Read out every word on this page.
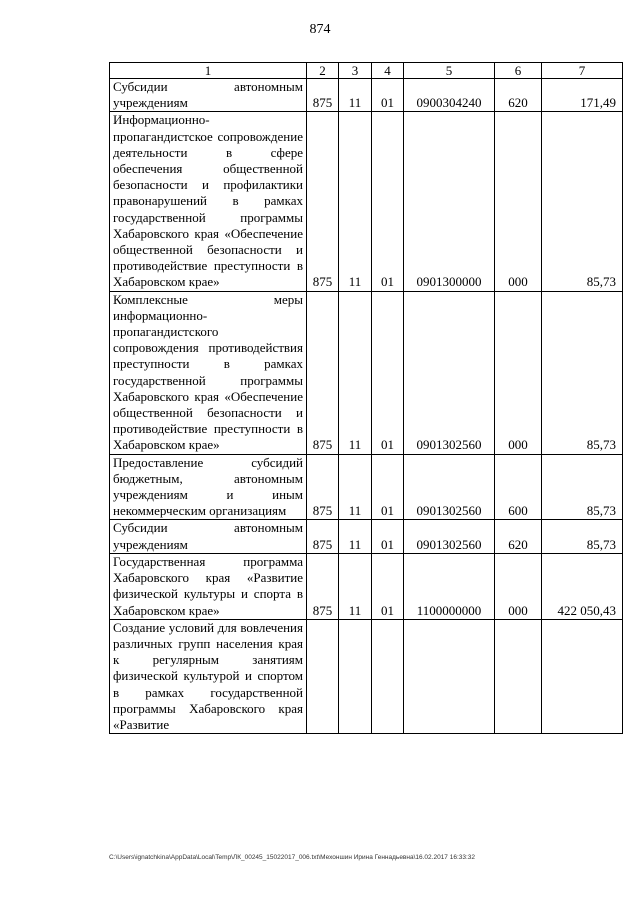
874
1	2	3	4	5	6	7
Субсидии автономным учреждениям	875	11	01	0900304240	620	171,49
Информационно-пропагандистское сопровождение деятельности в сфере обеспечения общественной безопасности и профилактики правонарушений в рамках государственной программы Хабаровского края «Обеспечение общественной безопасности и противодействие преступности в Хабаровском крае»	875	11	01	0901300000	000	85,73
Комплексные меры информационно-пропагандистского сопровождения противодействия преступности в рамках государственной программы Хабаровского края «Обеспечение общественной безопасности и противодействие преступности в Хабаровском крае»	875	11	01	0901302560	000	85,73
Предоставление субсидий бюджетным, автономным учреждениям и иным некоммерческим организациям	875	11	01	0901302560	600	85,73
Субсидии автономным учреждениям	875	11	01	0901302560	620	85,73
Государственная программа Хабаровского края «Развитие физической культуры и спорта в Хабаровском крае»	875	11	01	1100000000	000	422 050,43
Создание условий для вовлечения различных групп населения края к регулярным занятиям физической культурой и спортом в рамках государственной программы Хабаровского края «Развитие						
C:\Users\ignatchkina\AppData\Local\Temp\ЛК_00245_15022017_006.txt\Мехоншин Ирина Геннадьевна\16.02.2017 16:33:32
